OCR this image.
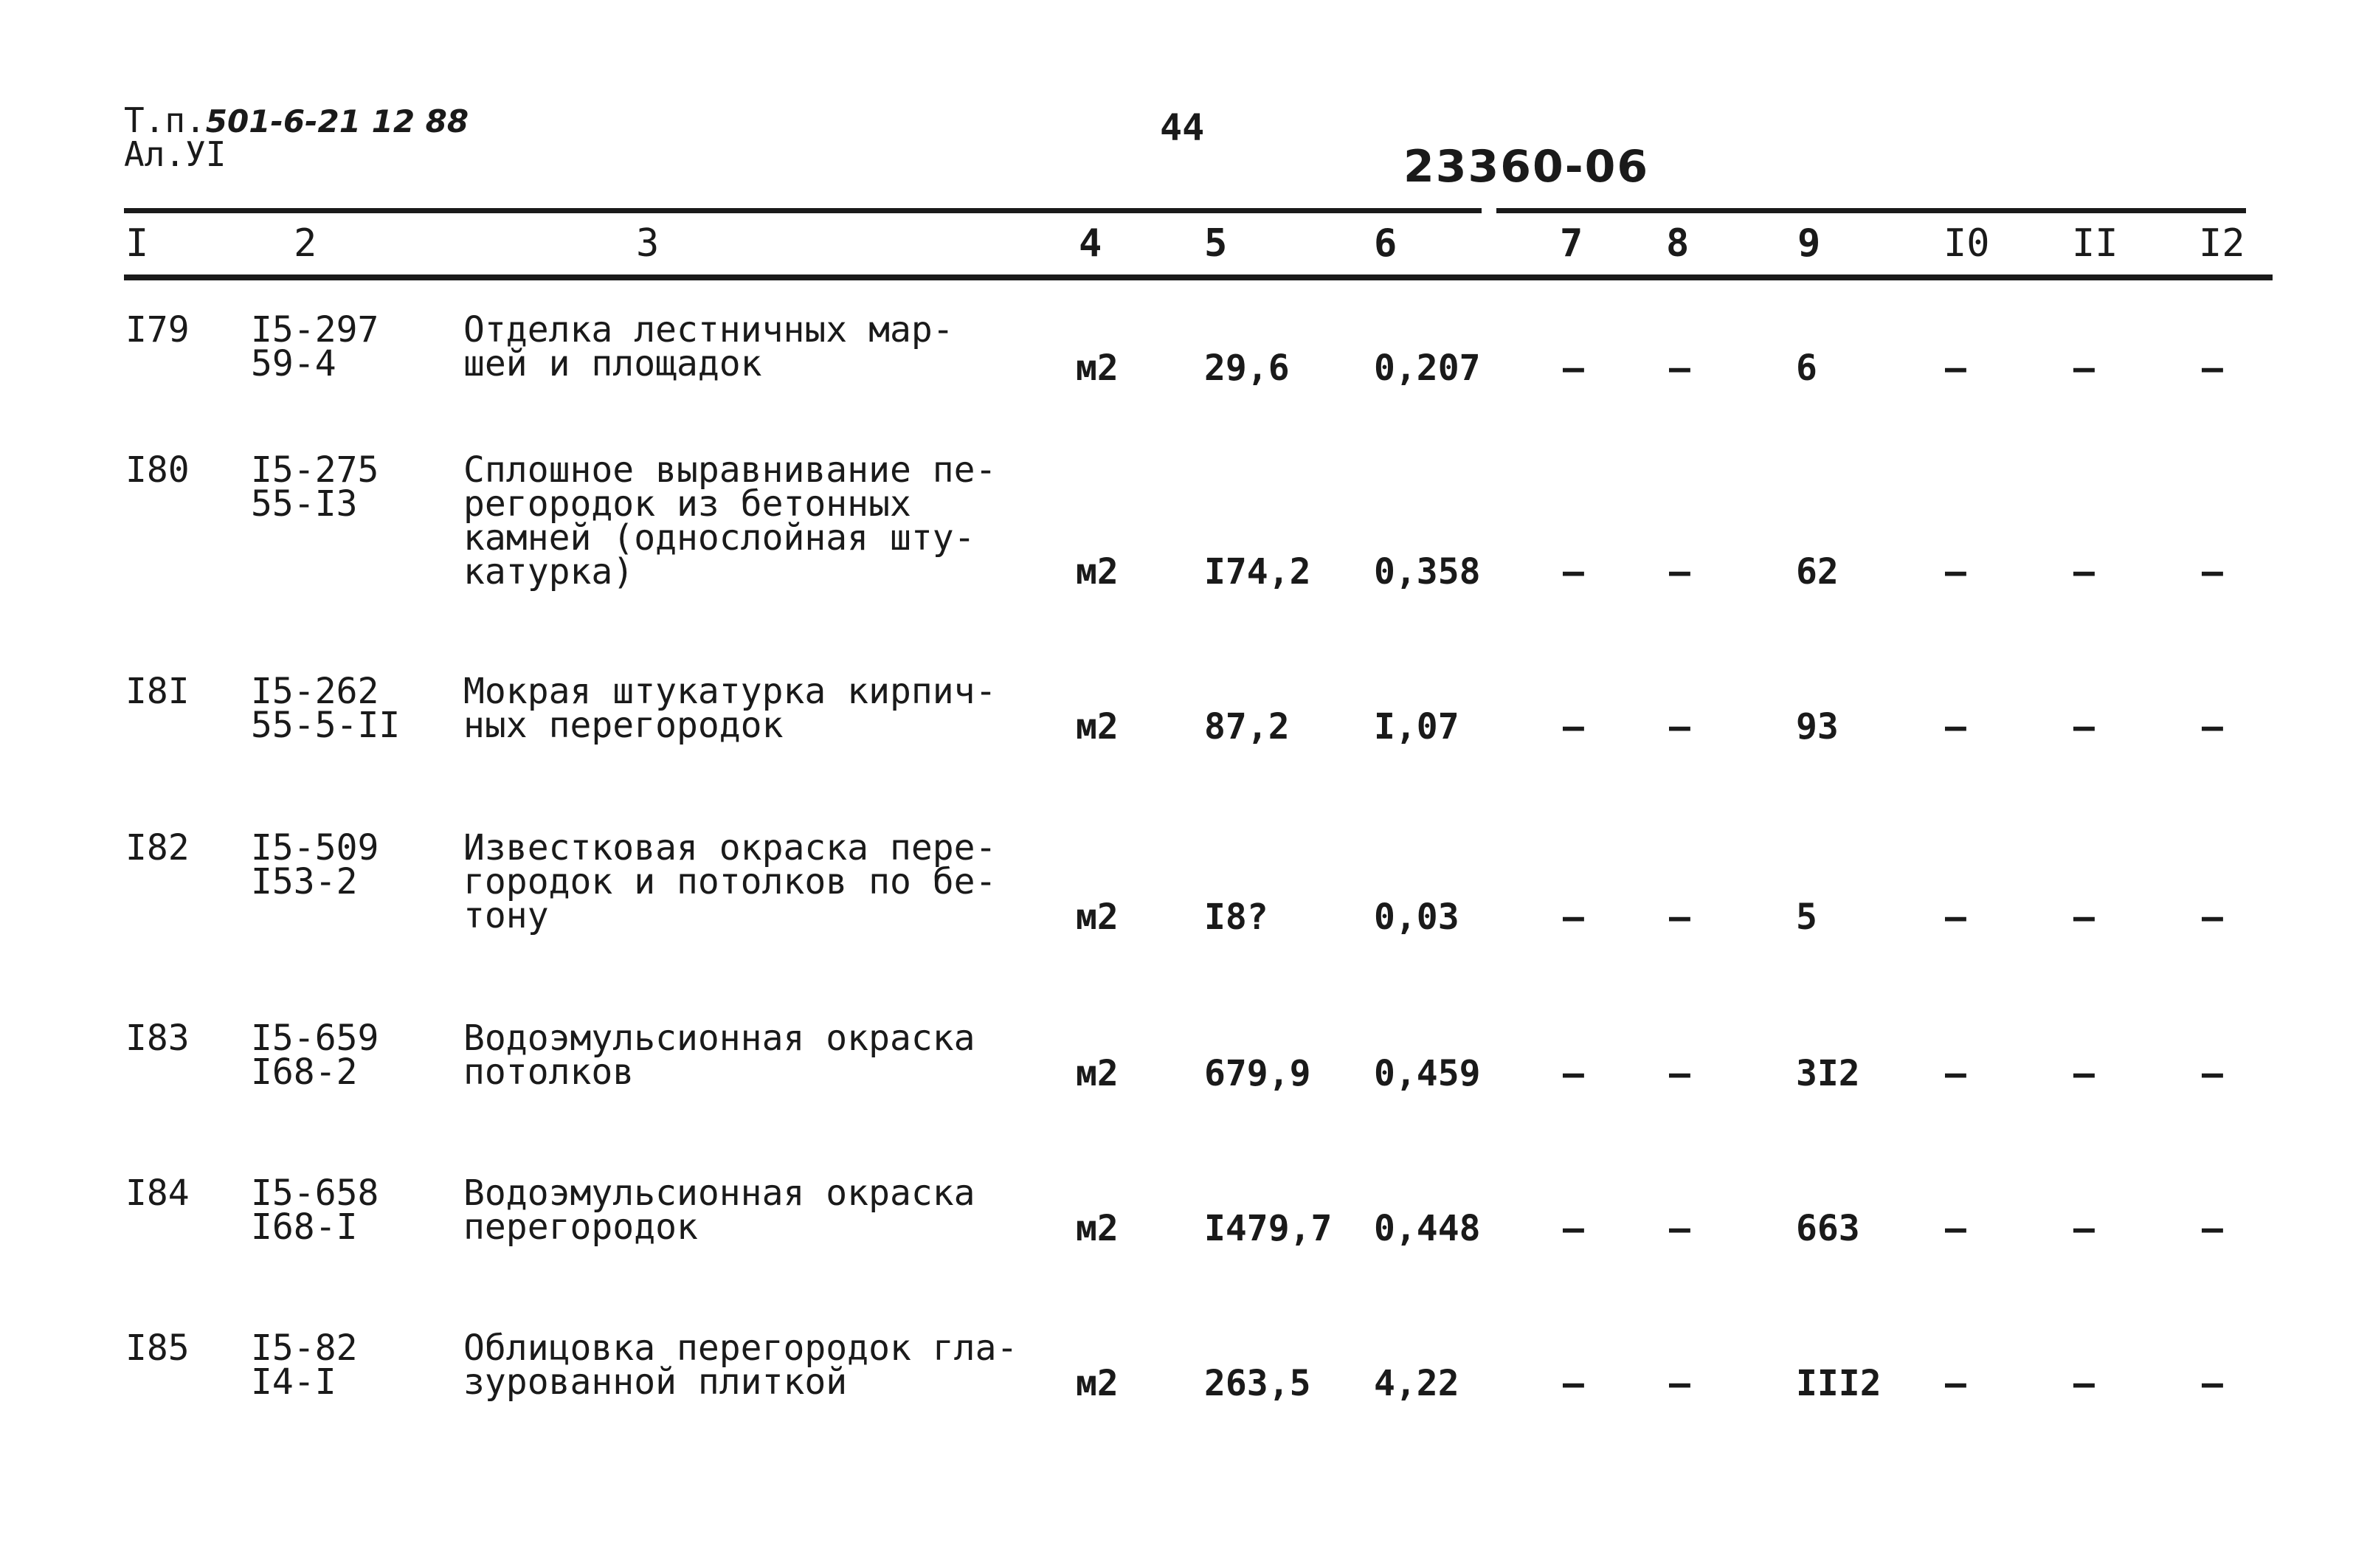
Т.п.501-6-21 12 88
Ал.УI
44
23360-06
I	2	3	4	5	6	7 8	9	I0 II I2
I79 I5-297
59-4
Отделка лестничных мар-
шей и площадок	м2 29,6 0,207 – –	6	–	–	–
I80 I5-275
55-I3
Сплошное выравнивание пе-
регородок из бетонных
камней (однослойная шту-
катурка)	м2 I74,2 0,358 – –	62	–	–	–
I8I I5-262
55-5-II
Мокрая штукатурка кирпич-
ных перегородок	м2 87,2 I,07	– –	93	–	–	–
I82 I5-509
I53-2
Известковая окраска пере-
городок и потолков по бе-
тону	м2 I8?	0,03	– –	5	–	–	–
I83 I5-659
I68-2
Водоэмульсионная окраска
потолков	м2 679,9 0,459 – –	3I2 –	–	–
I84 I5-658
I68-I
Водоэмульсионная окраска
перегородок	м2 I479,7 0,448 – –	663 –	–	–
I85 I5-82
I4-I
Облицовка перегородок гла-
зурованной плиткой	м2 263,5 4,22	– –	III2 –	–	–
